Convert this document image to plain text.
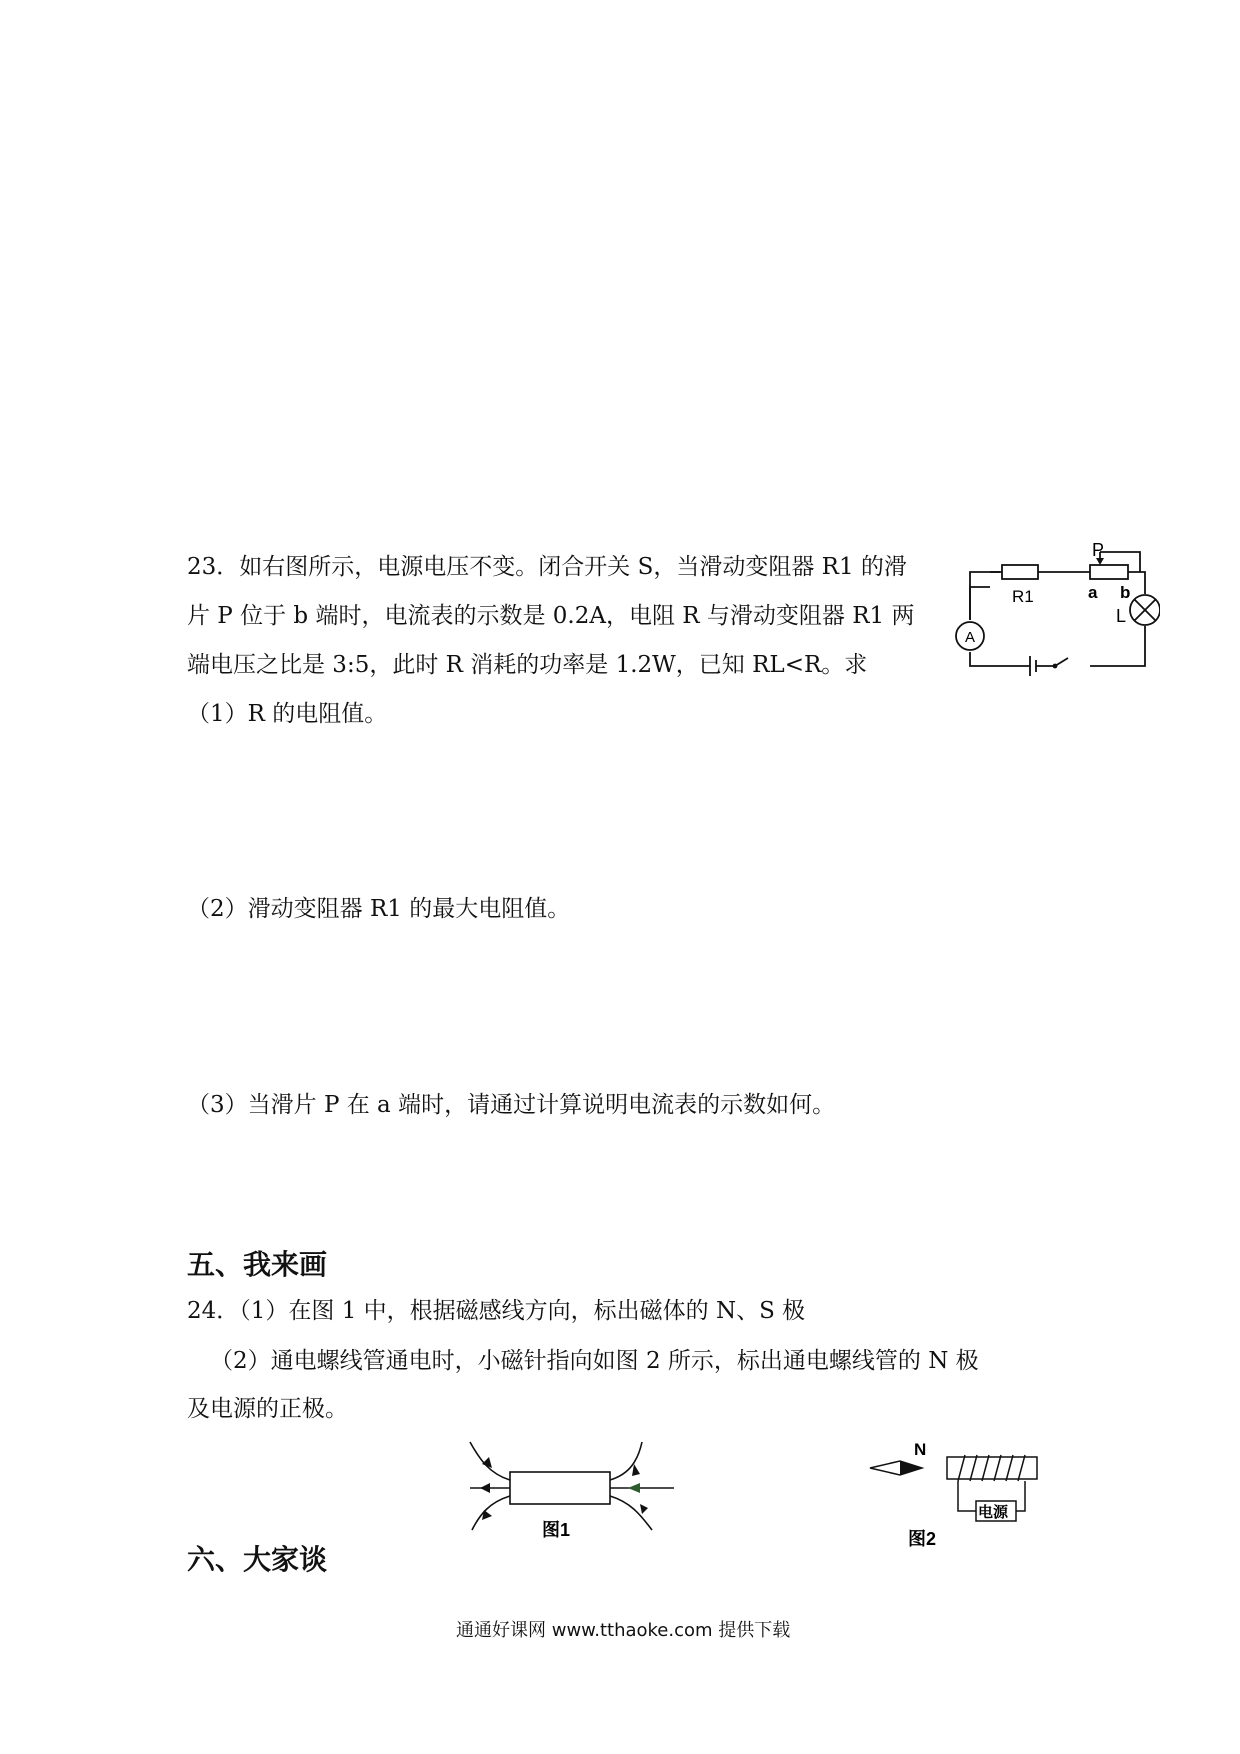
23．如右图所示，电源电压不变。闭合开关 S，当滑动变阻器 R1 的滑
片 P 位于 b 端时，电流表的示数是 0.2A，电阻 R 与滑动变阻器 R1 两
端电压之比是 3:5，此时 R 消耗的功率是 1.2W，已知 RL<R。求
（1）R 的电阻值。
（2）滑动变阻器 R1 的最大电阻值。
（3）当滑片 P 在 a 端时，请通过计算说明电流表的示数如何。
P
R1	a b
L
A
五、我来画
24．（1）在图 1 中，根据磁感线方向，标出磁体的 N、S 极
（2）通电螺线管通电时，小磁针指向如图 2 所示，标出通电螺线管的 N 极
及电源的正极。
图1
N
电源
图2
六、大家谈
通通好课网 www.tthaoke.com 提供下载
